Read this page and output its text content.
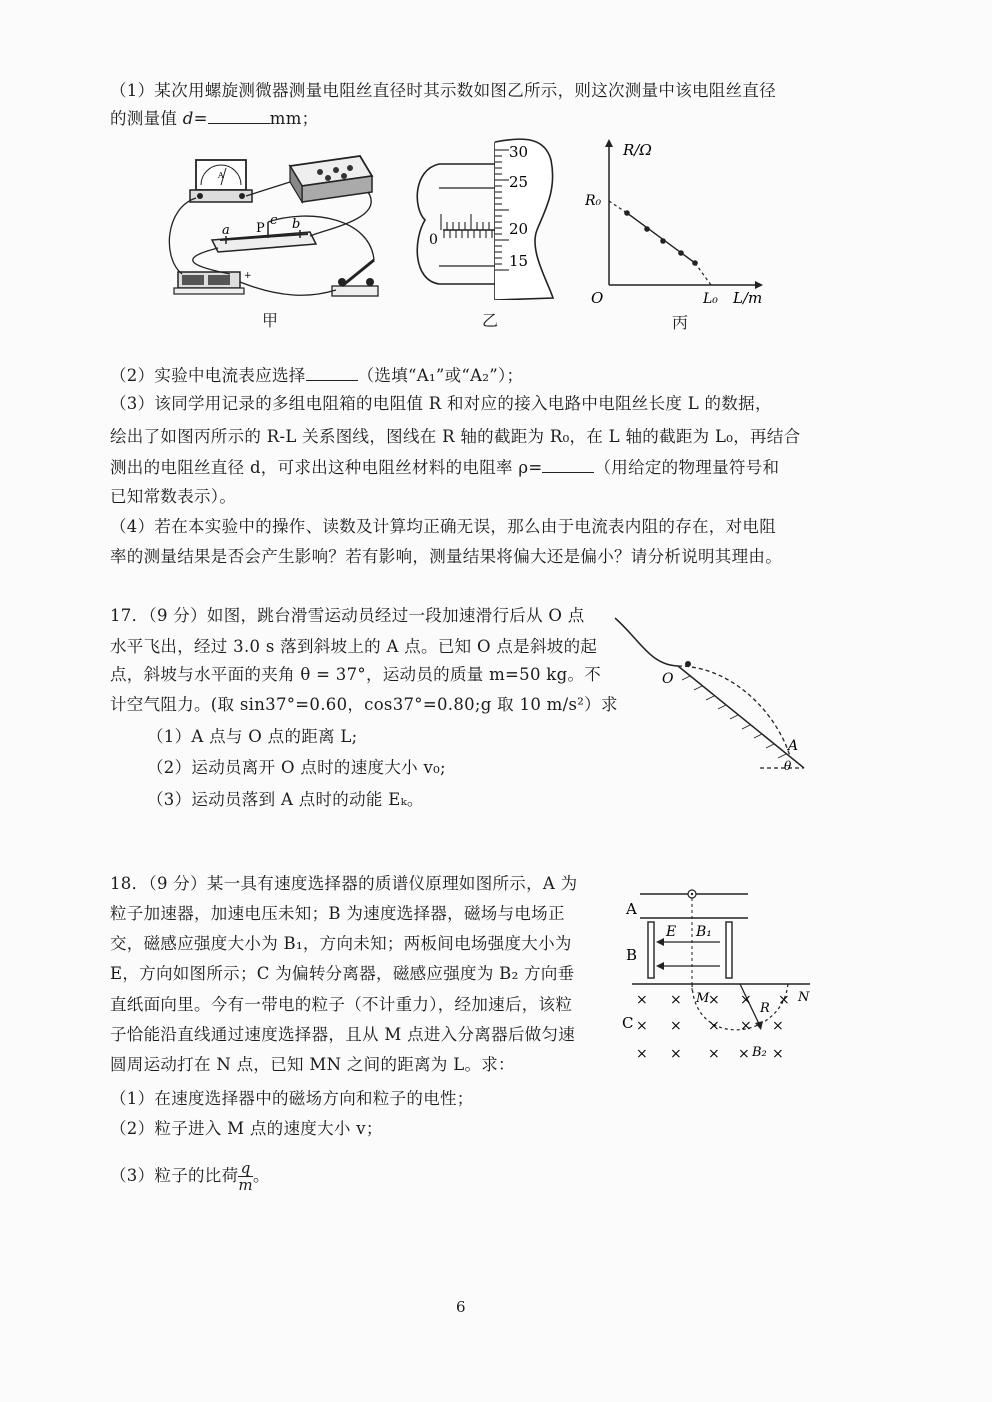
（1）某次用螺旋测微器测量电阻丝直径时其示数如图乙所示，则这次测量中该电阻丝直径
的测量值 d=	mm；
A
a P
c b
+
甲
0
30
25
20
15
乙
R/Ω
L/m
O
R₀
L₀
丙
（2）实验中电流表应选择	（选填“A₁”或“A₂”）；
（3）该同学用记录的多组电阻箱的电阻值 R 和对应的接入电路中电阻丝长度 L 的数据，
绘出了如图丙所示的 R-L 关系图线，图线在 R 轴的截距为 R₀，在 L 轴的截距为 L₀，再结合
测出的电阻丝直径 d，可求出这种电阻丝材料的电阻率 ρ=	（用给定的物理量符号和
已知常数表示）。
（4）若在本实验中的操作、读数及计算均正确无误，那么由于电流表内阻的存在，对电阻
率的测量结果是否会产生影响？若有影响，测量结果将偏大还是偏小？请分析说明其理由。
17．（9 分）如图，跳台滑雪运动员经过一段加速滑行后从 O 点
水平飞出，经过 3.0 s 落到斜坡上的 A 点。已知 O 点是斜坡的起
点，斜坡与水平面的夹角 θ = 37°，运动员的质量 m=50 kg。不
计空气阻力。(取 sin37°=0.60，cos37°=0.80;g 取 10 m/s²）求
（1）A 点与 O 点的距离 L;
（2）运动员离开 O 点时的速度大小 v₀;
（3）运动员落到 A 点时的动能 Eₖ。
O
A
θ
18．（9 分）某一具有速度选择器的质谱仪原理如图所示，A 为
粒子加速器，加速电压未知；B 为速度选择器，磁场与电场正
交，磁感应强度大小为 B₁，方向未知；两板间电场强度大小为
E，方向如图所示；C 为偏转分离器，磁感应强度为 B₂ 方向垂
直纸面向里。今有一带电的粒子（不计重力），经加速后，该粒
子恰能沿直线通过速度选择器，且从 M 点进入分离器后做匀速
圆周运动打在 N 点，已知 MN 之间的距离为 L。求：
（1）在速度选择器中的磁场方向和粒子的电性；
（2）粒子进入 M 点的速度大小 v；
（3）粒子的比荷 $\frac{q}{m}$ 。
A
B
E B₁
C
M	N
R
B₂
× × × × ×
× × × × ×
× × × × ×
6
